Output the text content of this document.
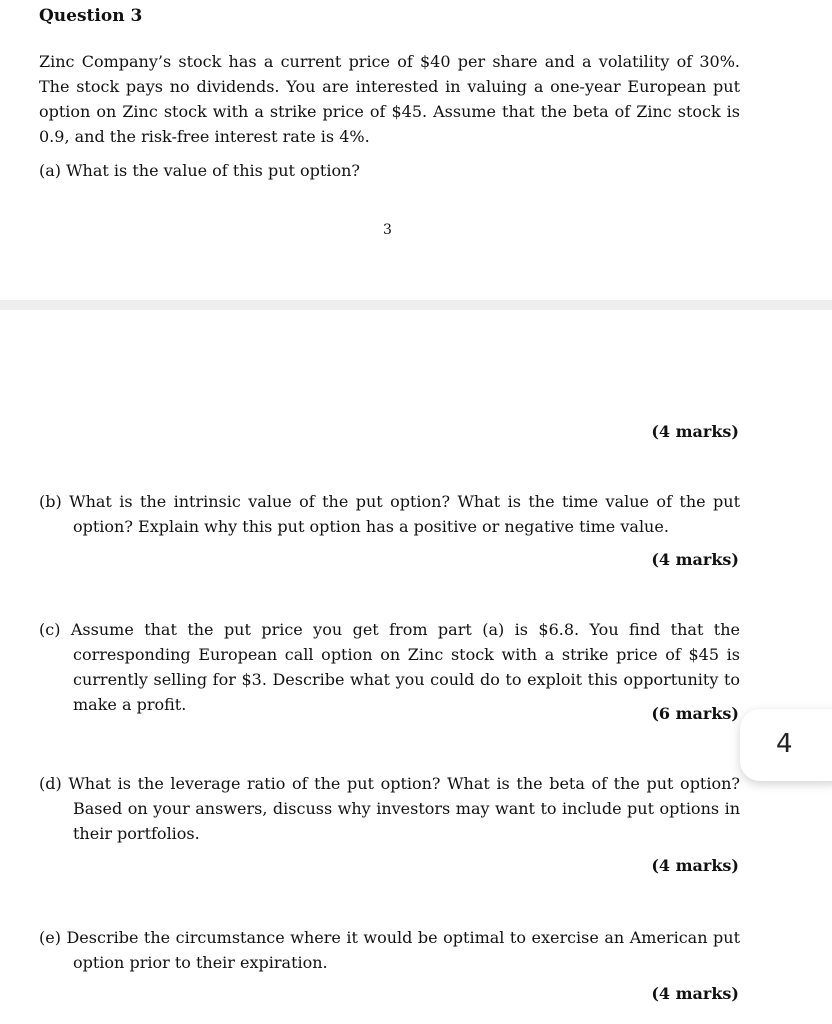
Question 3

Zinc Company’s stock has a current price of $40 per share and a volatility of 30%. The stock pays no dividends. You are interested in valuing a one-year European put option on Zinc stock with a strike price of $45. Assume that the beta of Zinc stock is 0.9, and the risk-free interest rate is 4%.

(a) What is the value of this put option?

3
(4 marks)

(b) What is the intrinsic value of the put option? What is the time value of the put option? Explain why this put option has a positive or negative time value.

(4 marks)

(c) Assume that the put price you get from part (a) is $6.8. You find that the corresponding European call option on Zinc stock with a strike price of $45 is currently selling for $3. Describe what you could do to exploit this opportunity to make a profit.	(6 marks)

(d) What is the leverage ratio of the put option? What is the beta of the put option? Based on your answers, discuss why investors may want to include put options in their portfolios.

(4 marks)

(e) Describe the circumstance where it would be optimal to exercise an American put option prior to their expiration.

(4 marks)
4
